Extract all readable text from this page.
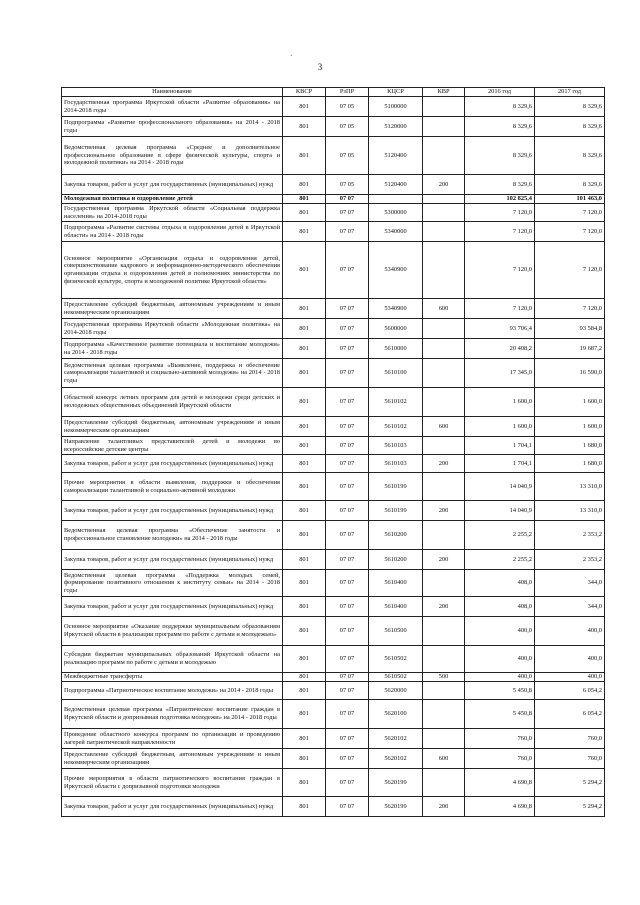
·
3
Наименование	КВСР	РзПР	КЦСР	КВР	2016 год	2017 год
Государственная программа Иркутской области «Развитие образования» на 2014-2018 годы	801	07 05	5100000		8 329,6	8 329,6
Подпрограмма «Развитие профессионального образования» на 2014 - 2018 годы	801	07 05	5120000		8 329,6	8 329,6
Ведомственная целевая программа «Среднее и дополнительное профессиональное образование в сфере физической культуры, спорта и молодежной политики» на 2014 - 2018 годы	801	07 05	5120400		8 329,6	8 329,6
Закупка товаров, работ и услуг для государственных (муниципальных) нужд	801	07 05	5120400	200	8 329,6	8 329,6
Молодежная политика и оздоровление детей	801	07 07			102 825,4	101 463,0
Государственная программа Иркутской области «Социальная поддержка населения» на 2014-2018 годы	801	07 07	5300000		7 120,0	7 120,0
Подпрограмма «Развитие системы отдыха и оздоровления детей в Иркутской области» на 2014 - 2018 годы	801	07 07	5340000		7 120,0	7 120,0
Основное мероприятие «Организация отдыха и оздоровления детей, совершенствование кадрового и информационно-методического обеспечения организации отдыха и оздоровления детей в полномочиях министерства по физической культуре, спорта и молодежной политике Иркутской области»	801	07 07	5340900		7 120,0	7 120,0
Предоставление субсидий бюджетным, автономным учреждениям и иным некоммерческим организациям	801	07 07	5340900	600	7 120,0	7 120,0
Государственная программа Иркутской области «Молодежная политика» на 2014-2018 годы	801	07 07	5600000		93 706,4	93 584,8
Подпрограмма «Качественное развитие потенциала и воспитание молодежи» на 2014 - 2018 годы	801	07 07	5610000		20 408,2	19 687,2
Ведомственная целевая программа «Выявление, поддержка и обеспечение самореализации талантливой и социально-активной молодежи» на 2014 - 2018 годы	801	07 07	5610100		17 345,0	16 590,0
Областной конкурс летних программ для детей и молодежи среди детских и молодежных общественных объединений Иркутской области	801	07 07	5610102		1 600,0	1 600,0
Предоставление субсидий бюджетным, автономным учреждениям и иным некоммерческим организациям	801	07 07	5610102	600	1 600,0	1 600,0
Направление талантливых представителей детей и молодежи во всероссийские детские центры	801	07 07	5610103		1 704,1	1 680,0
Закупка товаров, работ и услуг для государственных (муниципальных) нужд	801	07 07	5610103	200	1 704,1	1 680,0
Прочие мероприятия в области выявления, поддержки и обеспечения самореализации талантливой и социально-активной молодежи	801	07 07	5610199		14 040,9	13 310,0
Закупка товаров, работ и услуг для государственных (муниципальных) нужд	801	07 07	5610199	200	14 040,9	13 310,0
Ведомственная целевая программа «Обеспечение занятости и профессиональное становление молодежи» на 2014 - 2018 годы	801	07 07	5610200		2 255,2	2 353,2
Закупка товаров, работ и услуг для государственных (муниципальных) нужд	801	07 07	5610200	200	2 255,2	2 353,2
Ведомственная целевая программа «Поддержка молодых семей, формирование позитивного отношения к институту семьи» на 2014 - 2018 годы	801	07 07	5610400		408,0	344,0
Закупка товаров, работ и услуг для государственных (муниципальных) нужд	801	07 07	5610400	200	408,0	344,0
Основное мероприятие «Оказание поддержки муниципальным образованиям Иркутской области в реализации программ по работе с детьми и молодежью»	801	07 07	5610500		400,0	400,0
Субсидии бюджетам муниципальных образований Иркутской области на реализацию программ по работе с детьми и молодежью	801	07 07	5610502		400,0	400,0
Межбюджетные трансферты	801	07 07	5610502	500	400,0	400,0
Подпрограмма «Патриотическое воспитание молодежи» на 2014 - 2018 годы	801	07 07	5620000		5 450,8	6 054,2
Ведомственная целевая программа «Патриотическое воспитание граждан в Иркутской области и допризывная подготовка молодежи» на 2014 - 2018 годы	801	07 07	5620100		5 450,8	6 054,2
Проведение областного конкурса программ по организации и проведению лагерей патриотической направленности	801	07 07	5620102		760,0	760,0
Предоставление субсидий бюджетным, автономным учреждениям и иным некоммерческим организациям	801	07 07	5620102	600	760,0	760,0
Прочие мероприятия в области патриотического воспитания граждан в Иркутской области с допризывной подготовки молодежи	801	07 07	5620199		4 690,8	5 294,2
Закупка товаров, работ и услуг для государственных (муниципальных) нужд	801	07 07	5620199	200	4 690,8	5 294,2
